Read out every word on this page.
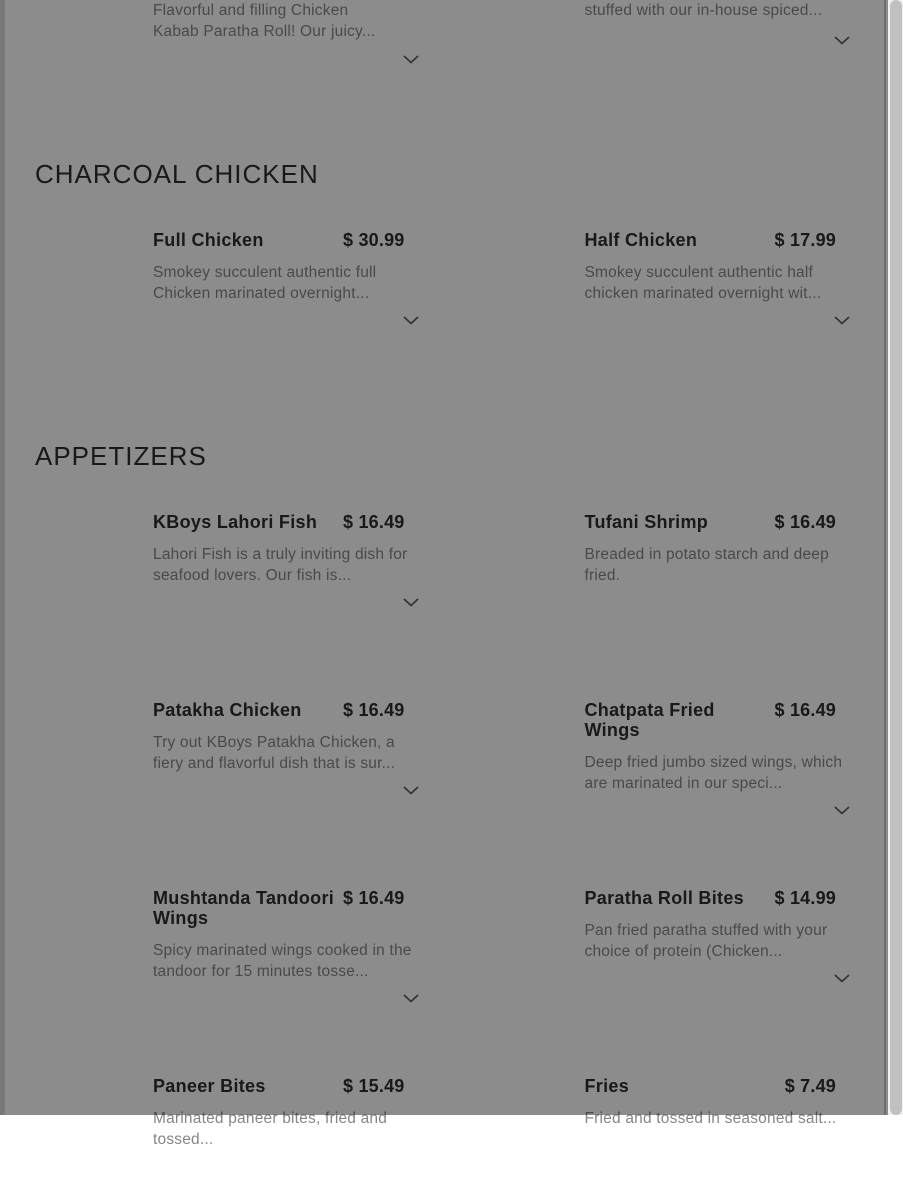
Flavorful and filling Chicken
Kabab Paratha Roll! Our juicy...
stuffed with our in-house spiced...
CHARCOAL CHICKEN
Full Chicken	$ 30.99
Smokey succulent authentic full Chicken marinated overnight...
Half Chicken	$ 17.99
Smokey succulent authentic half chicken marinated overnight wit...
APPETIZERS
KBoys Lahori Fish $ 16.49
Lahori Fish is a truly inviting dish for seafood lovers. Our fish is...
Tufani Shrimp	$ 16.49
Breaded in potato starch and deep fried.
Patakha Chicken $ 16.49
Try out KBoys Patakha Chicken, a fiery and flavorful dish that is sur...
Chatpata Fried Wings
$ 16.49
Deep fried jumbo sized wings, which are marinated in our speci...
Mushtanda Tandoori Wings
$ 16.49
Spicy marinated wings cooked in the tandoor for 15 minutes tosse...
Paratha Roll Bites $ 14.99
Pan fried paratha stuffed with your choice of protein (Chicken...
Paneer Bites	$ 15.49
Marinated paneer bites, fried and tossed...
Fries	$ 7.49
Fried and tossed in seasoned salt...
